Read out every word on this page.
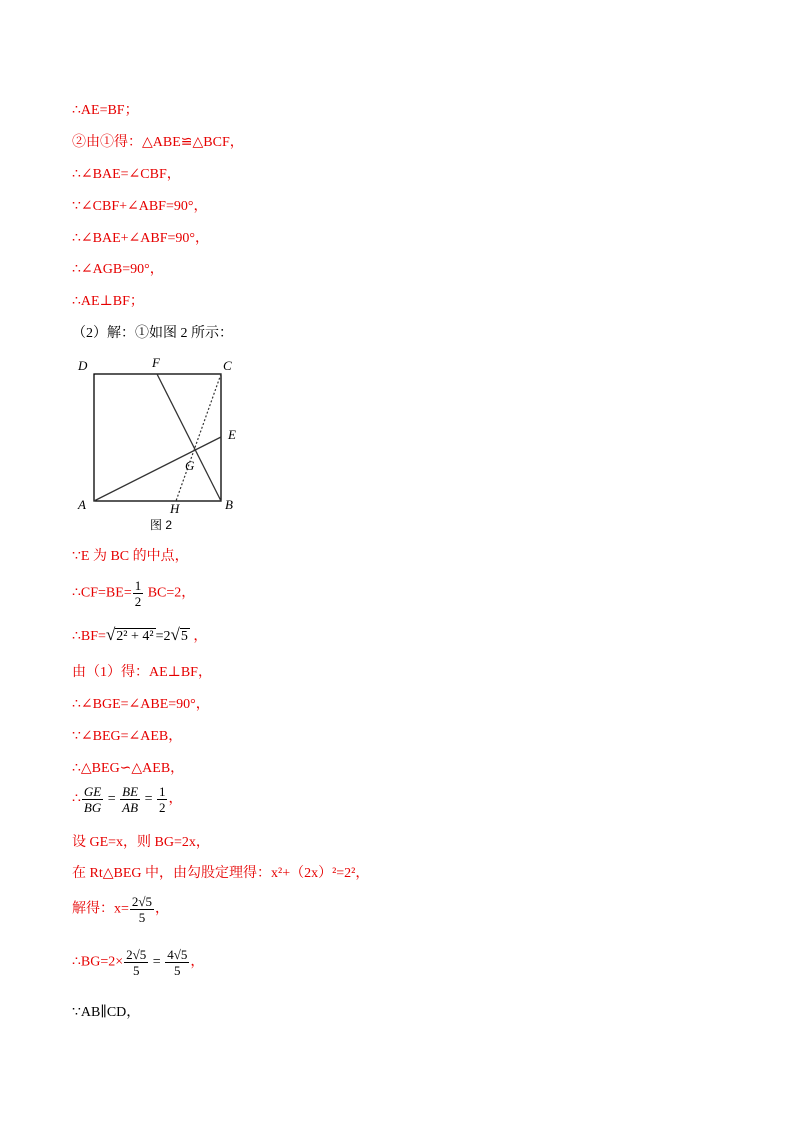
∴AE=BF；
②由①得：△ABE≌△BCF，
∴∠BAE=∠CBF，
∵∠CBF+∠ABF=90°，
∴∠BAE+∠ABF=90°，
∴∠AGB=90°，
∴AE⊥BF；
（2）解：①如图 2 所示：
D	F	C
E
G
A	H	B
图 2
∵E 为 BC 的中点，
∴CF=BE= $\frac{1}{2} BC=2$，
∴BF=√2² + 4² =2√5 ，
由（1）得：AE⊥BF，
∴∠BGE=∠ABE=90°，
∵∠BEG=∠AEB，
∴△BEG∽△AEB，
∴ $\frac{GE}{BG} = \frac{BE}{AB} = \frac{1}{2}$ ，
设 GE=x，则 BG=2x，
在 Rt△BEG 中，由勾股定理得：x²+（2x）²=2²，
解得：$x= \frac{2√5}{5}$ ，
∴BG=2× $\frac{2√5}{5} = \frac{4√5}{5}$ ，
∵AB∥CD，
